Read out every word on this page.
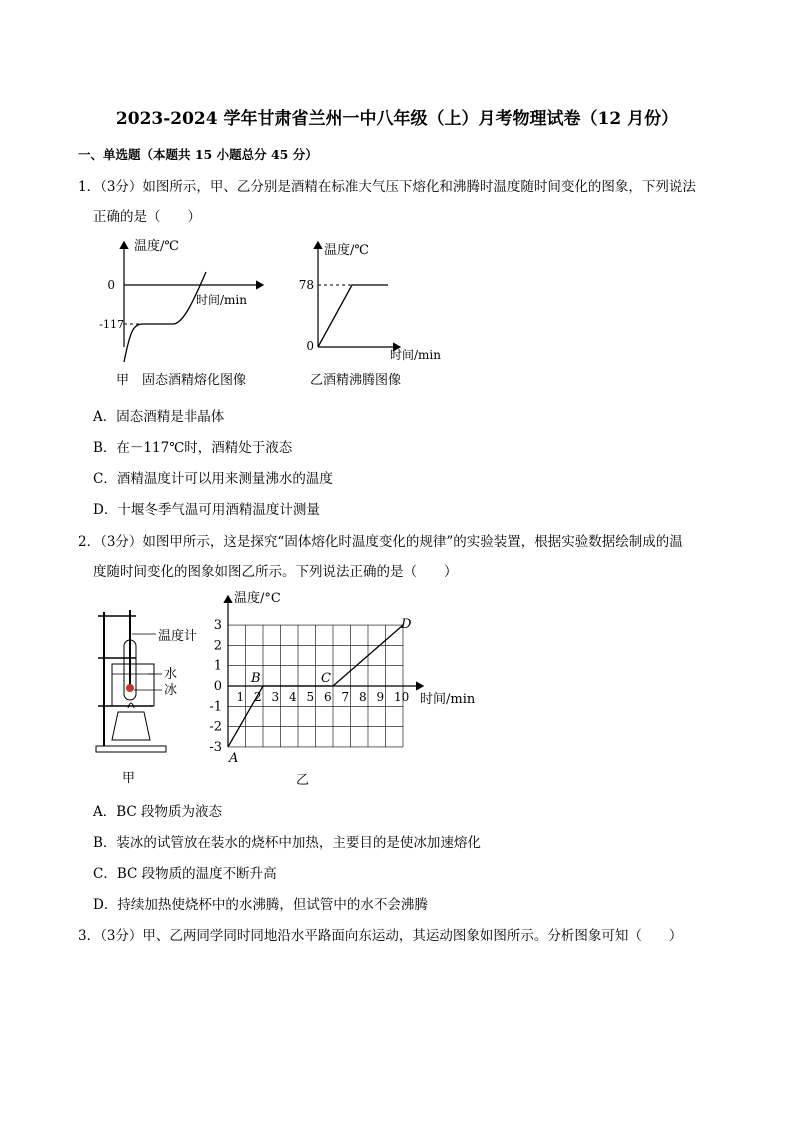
2023-2024 学年甘肃省兰州一中八年级（上）月考物理试卷（12 月份）
一、单选题（本题共 15 小题总分 45 分）
1．（3分）如图所示，甲、乙分别是酒精在标准大气压下熔化和沸腾时温度随时间变化的图象，下列说法
正确的是（　　）
温度/℃
时间/min
0
-117
甲　固态酒精熔化图像
温度/℃
时间/min
0
78
乙酒精沸腾图像
A．固态酒精是非晶体
B．在－117℃时，酒精处于液态
C．酒精温度计可以用来测量沸水的温度
D．十堰冬季气温可用酒精温度计测量
2．（3分）如图甲所示，这是探究“固体熔化时温度变化的规律”的实验装置，根据实验数据绘制成的温
度随时间变化的图象如图乙所示。下列说法正确的是（　　）
温度计
水
冰
甲
3
2
1
0
-1
-2
-3
1 2 3 4 5 6 7 8 9 10
温度/°C
时间/min
A
B	C
D
乙
A．BC 段物质为液态
B．装冰的试管放在装水的烧杯中加热，主要目的是使冰加速熔化
C．BC 段物质的温度不断升高
D．持续加热使烧杯中的水沸腾，但试管中的水不会沸腾
3．（3分）甲、乙两同学同时同地沿水平路面向东运动，其运动图象如图所示。分析图象可知（　　）
